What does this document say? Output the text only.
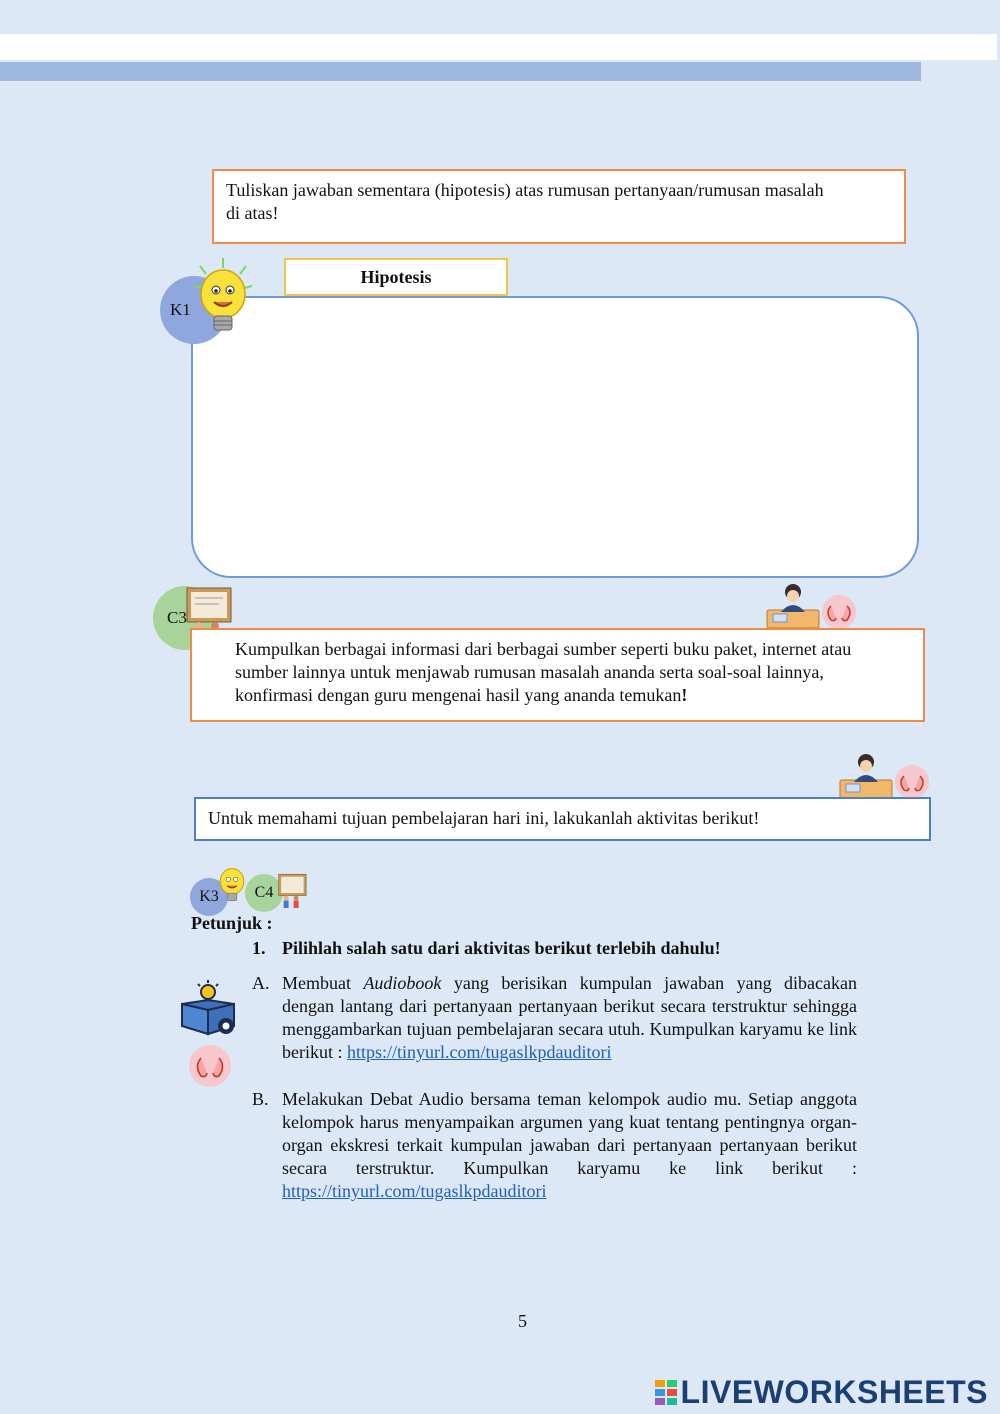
Tuliskan jawaban sementara (hipotesis) atas rumusan pertanyaan/rumusan masalah
di atas!
Hipotesis
K1
C3
Kumpulkan berbagai informasi dari berbagai sumber seperti buku paket, internet atau
sumber lainnya untuk menjawab rumusan masalah ananda serta soal-soal lainnya,
konfirmasi dengan guru mengenai hasil yang ananda temukan!
Untuk memahami tujuan pembelajaran hari ini, lakukanlah aktivitas berikut!
K3 C4
Petunjuk :
1. Pilihlah salah satu dari aktivitas berikut terlebih dahulu!
A. Membuat Audiobook yang berisikan kumpulan jawaban yang dibacakan dengan lantang dari pertanyaan pertanyaan berikut secara terstruktur sehingga menggambarkan tujuan pembelajaran secara utuh. Kumpulkan karyamu ke link berikut : https://tinyurl.com/tugaslkpdauditori
B. Melakukan Debat Audio bersama teman kelompok audio mu. Setiap anggota kelompok harus menyampaikan argumen yang kuat tentang pentingnya organ-organ ekskresi terkait kumpulan jawaban dari pertanyaan pertanyaan berikut secara terstruktur. Kumpulkan karyamu ke link berikut :  https://tinyurl.com/tugaslkpdauditori
5
LIVEWORKSHEETS
